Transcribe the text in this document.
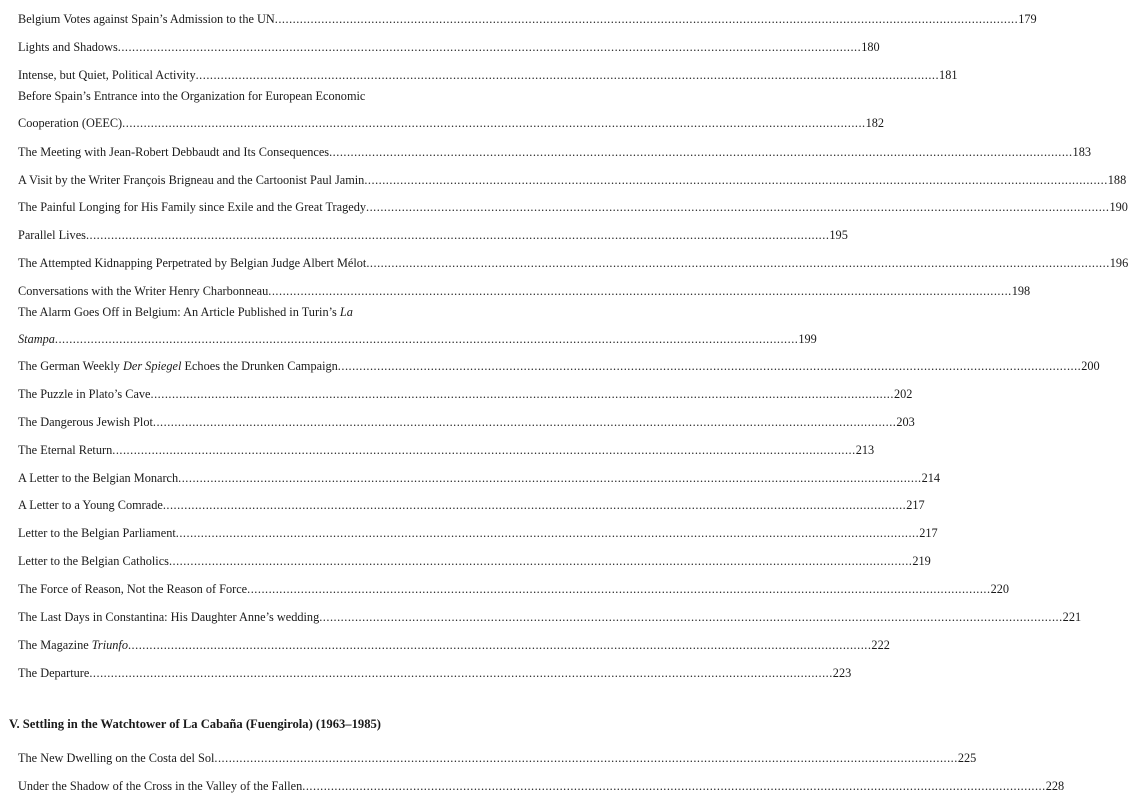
Belgium Votes against Spain’s Admission to the UN .....	179
Lights and Shadows .....	180
Intense, but Quiet, Political Activity .....	181
Before Spain’s Entrance into the Organization for European Economic
Cooperation (OEEC) .....	182
The Meeting with Jean-Robert Debbaudt and Its Consequences .....	183
A Visit by the Writer François Brigneau and the Cartoonist Paul Jamin .....	188
The Painful Longing for His Family since Exile and the Great Tragedy .....	190
Parallel Lives .....	195
The Attempted Kidnapping Perpetrated by Belgian Judge Albert Mélot .....	196
Conversations with the Writer Henry Charbonneau .....	198
The Alarm Goes Off in Belgium: An Article Published in Turin’s La
Stampa .....	199
The German Weekly Der Spiegel Echoes the Drunken Campaign .....	200
The Puzzle in Plato’s Cave .....	202
The Dangerous Jewish Plot .....	203
The Eternal Return .....	213
A Letter to the Belgian Monarch .....	214
A Letter to a Young Comrade .....	217
Letter to the Belgian Parliament .....	217
Letter to the Belgian Catholics .....	219
The Force of Reason, Not the Reason of Force .....	220
The Last Days in Constantina: His Daughter Anne’s wedding .....	221
The Magazine Triunfo .....	222
The Departure .....	223
The New Dwelling on the Costa del Sol .....	225
Under the Shadow of the Cross in the Valley of the Fallen .....	228
V. Settling in the Watchtower of La Cabaña (Fuengirola) (1963–1985)
